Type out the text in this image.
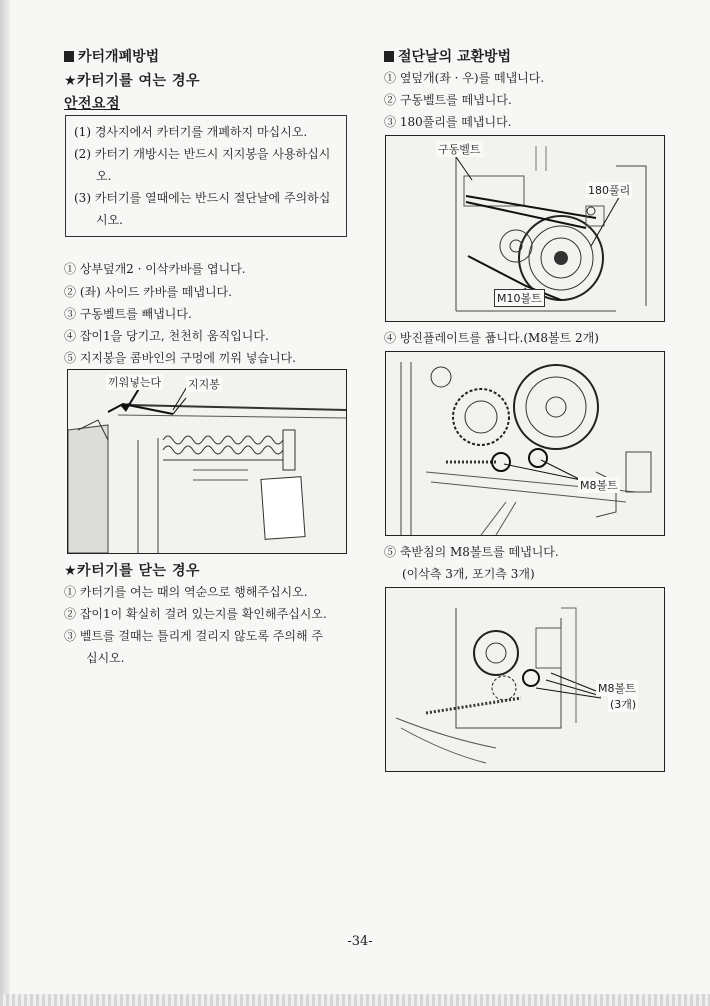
카터개폐방법
★카터기를 여는 경우
안전요점
(1) 경사지에서 카터기를 개폐하지 마십시오.
(2) 카터기 개방시는 반드시 지지봉을 사용하십시
오.
(3) 카터기를 열때에는 반드시 절단날에 주의하십
시오.
① 상부덮개2 · 이삭카바를 엽니다.
② (좌) 사이드 카바를 떼냅니다.
③ 구동벨트를 빼냅니다.
④ 잡이1을 당기고, 천천히 움직입니다.
⑤ 지지봉을 콤바인의 구멍에 끼워 넣습니다.
끼워넣는다 지지봉
★카터기를 닫는 경우
① 카터기를 여는 때의 역순으로 행해주십시오.
② 잡이1이 확실히 걸려 있는지를 확인해주십시오.
③ 벨트를 걸때는 틀리게 걸리지 않도록 주의해 주
십시오.
절단날의 교환방법
① 옆덮개(좌 · 우)를 떼냅니다.
② 구동벨트를 떼냅니다.
③ 180풀리를 떼냅니다.
구동벨트
180풀리
M10볼트
④ 방진플레이트를 풉니다.(M8볼트 2개)
M8볼트
⑤ 축받침의 M8볼트를 떼냅니다.
(이삭측 3개, 포기측 3개)
M8볼트
(3개)
-34-
